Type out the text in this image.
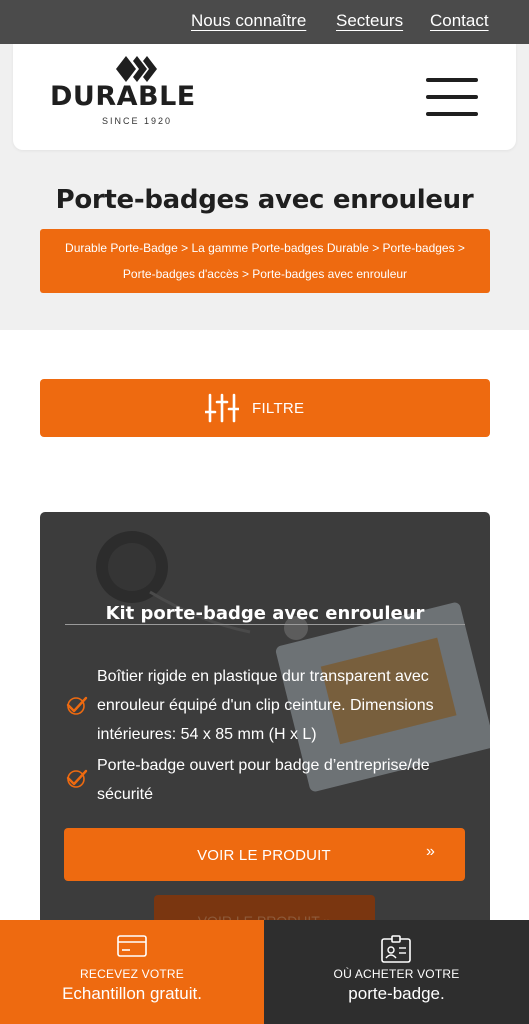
Nous connaître Secteurs Contact
DURABLE
SINCE 1920
Porte-badges avec enrouleur
Durable Porte-Badge > La gamme Porte-badges Durable > Porte-badges > Porte-badges d'accès > Porte-badges avec enrouleur
FILTRE
Kit porte-badge avec enrouleur
Boîtier rigide en plastique dur transparent avec enrouleur équipé d'un clip ceinture. Dimensions intérieures: 54 x 85 mm (H x L)
Porte-badge ouvert pour badge d’entreprise/de sécurité
VOIR LE PRODUIT	»
RECEVEZ VOTRE
Echantillon gratuit.
OÙ ACHETER VOTRE
porte-badge.
